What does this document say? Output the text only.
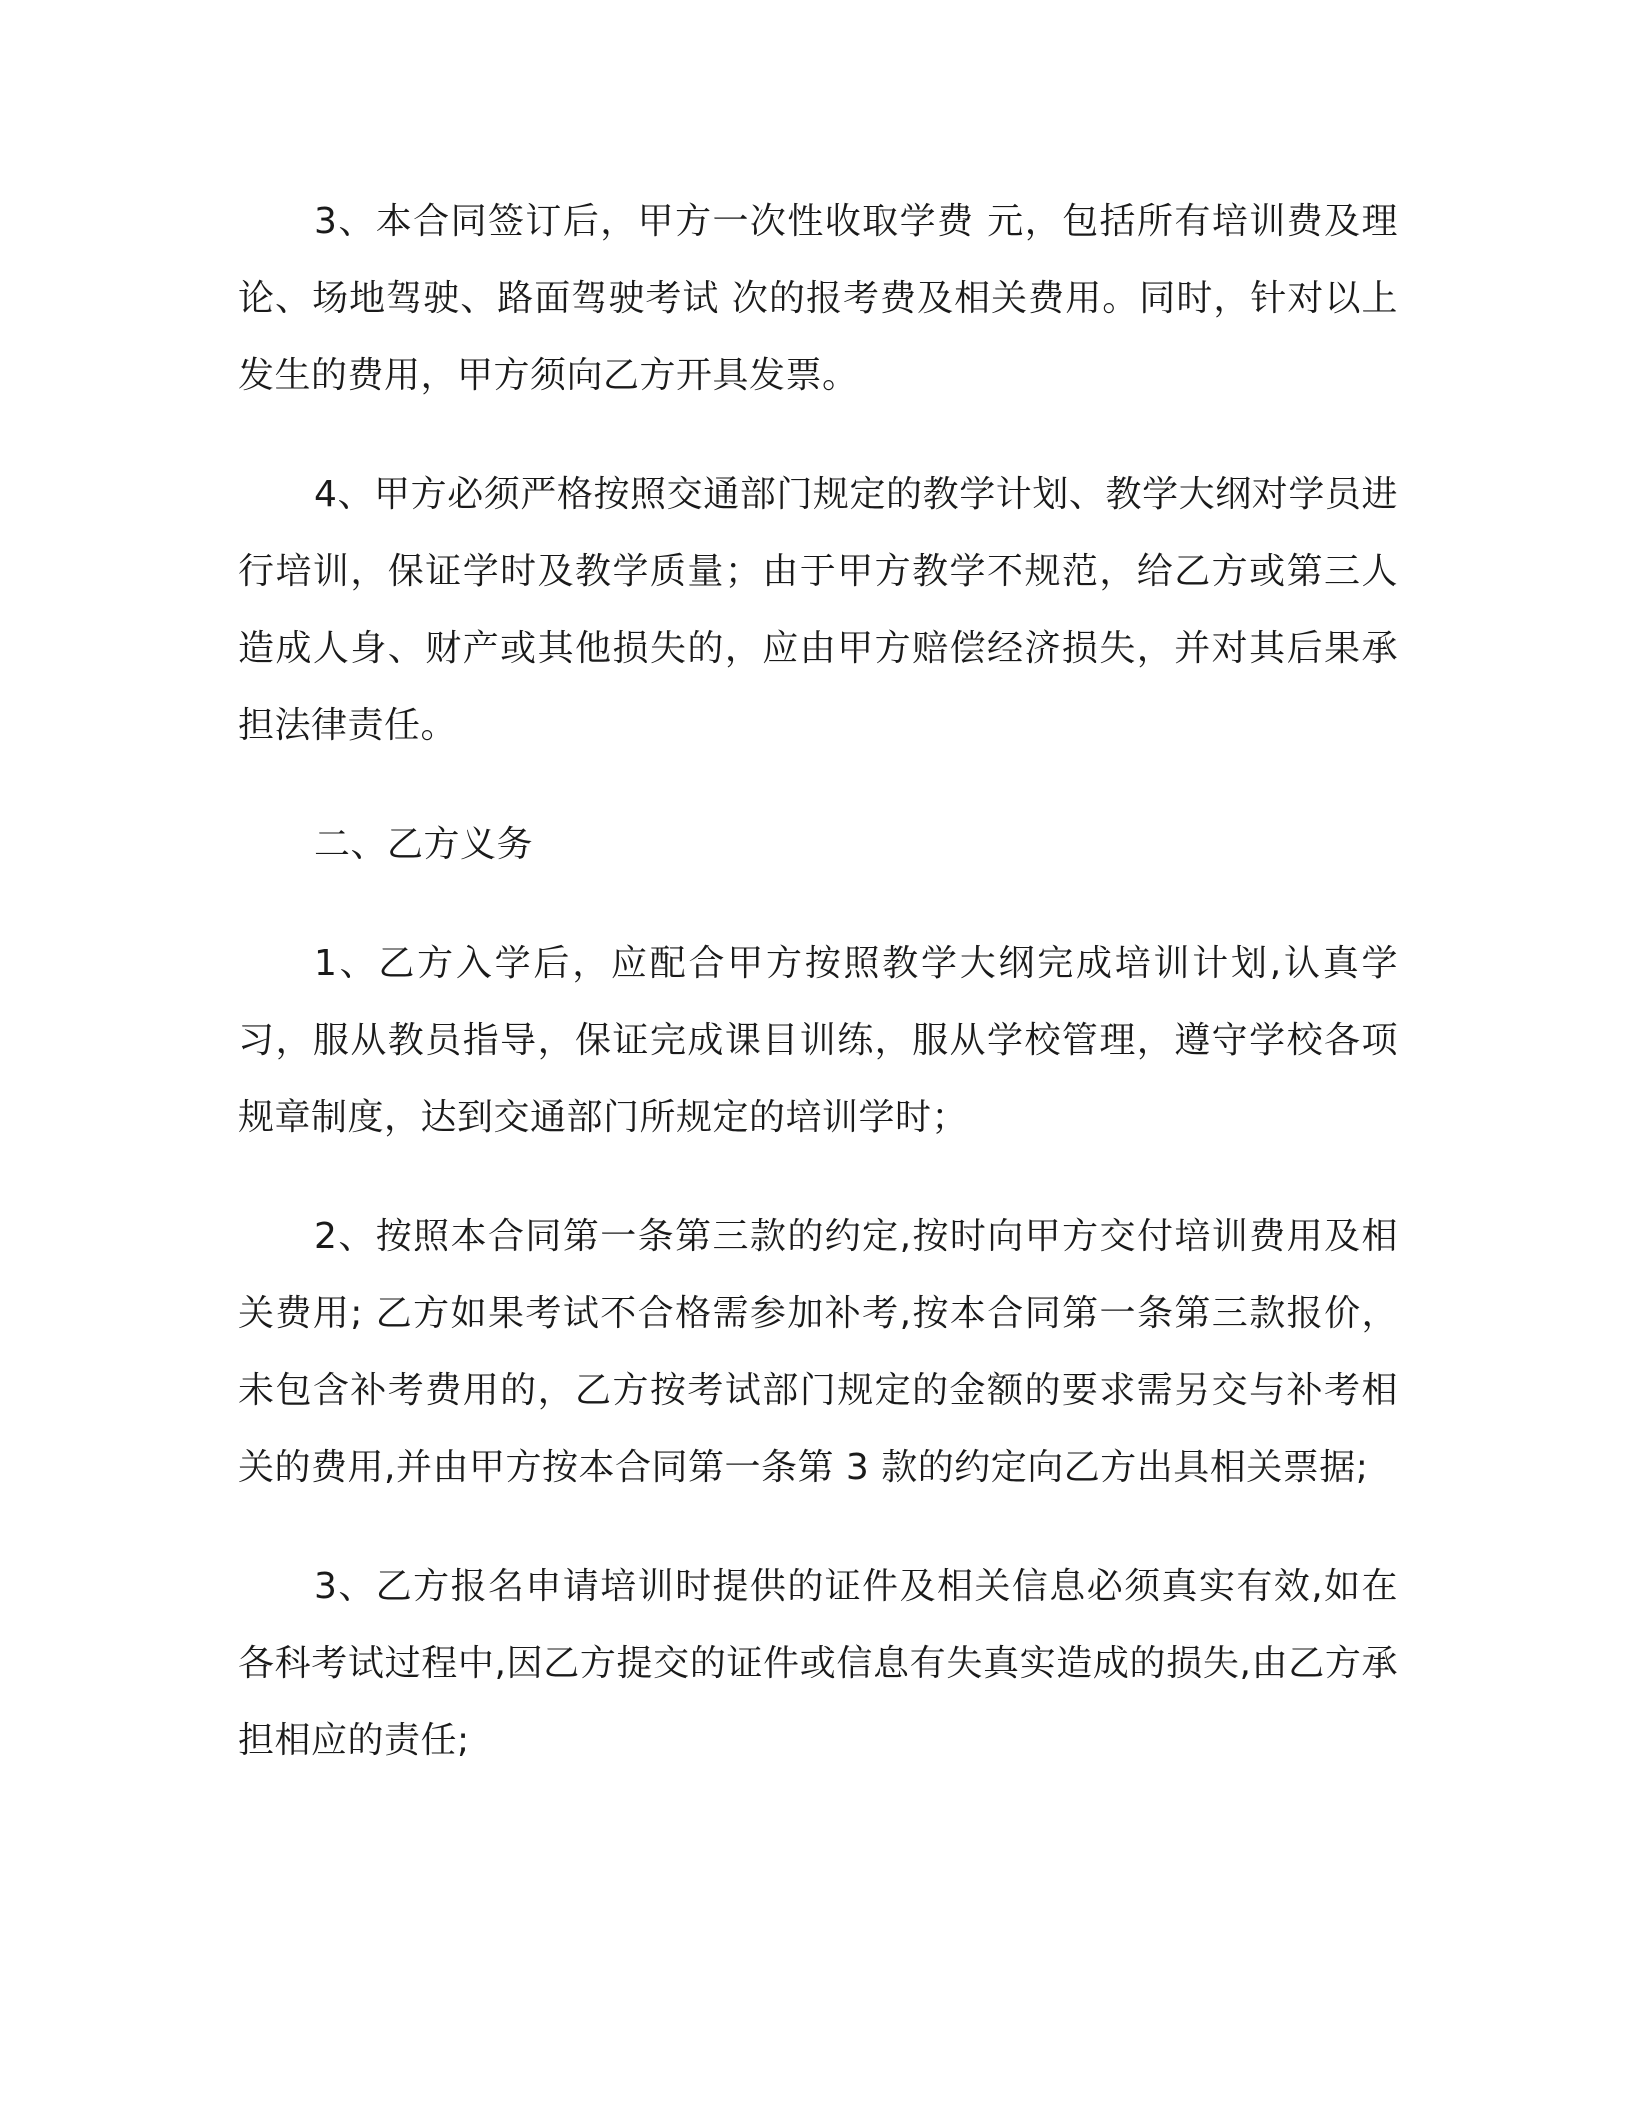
3、本合同签订后，甲方一次性收取学费 元，包括所有培训费及理论、场地驾驶、路面驾驶考试 次的报考费及相关费用。同时，针对以上发生的费用，甲方须向乙方开具发票。

4、甲方必须严格按照交通部门规定的教学计划、教学大纲对学员进行培训，保证学时及教学质量；由于甲方教学不规范，给乙方或第三人造成人身、财产或其他损失的，应由甲方赔偿经济损失，并对其后果承担法律责任。

二、乙方义务

1、乙方入学后，应配合甲方按照教学大纲完成培训计划,认真学习，服从教员指导，保证完成课目训练，服从学校管理，遵守学校各项规章制度，达到交通部门所规定的培训学时；

2、按照本合同第一条第三款的约定,按时向甲方交付培训费用及相关费用; 乙方如果考试不合格需参加补考,按本合同第一条第三款报价，未包含补考费用的，乙方按考试部门规定的金额的要求需另交与补考相关的费用,并由甲方按本合同第一条第 3 款的约定向乙方出具相关票据;

3、乙方报名申请培训时提供的证件及相关信息必须真实有效,如在各科考试过程中,因乙方提交的证件或信息有失真实造成的损失,由乙方承担相应的责任;
